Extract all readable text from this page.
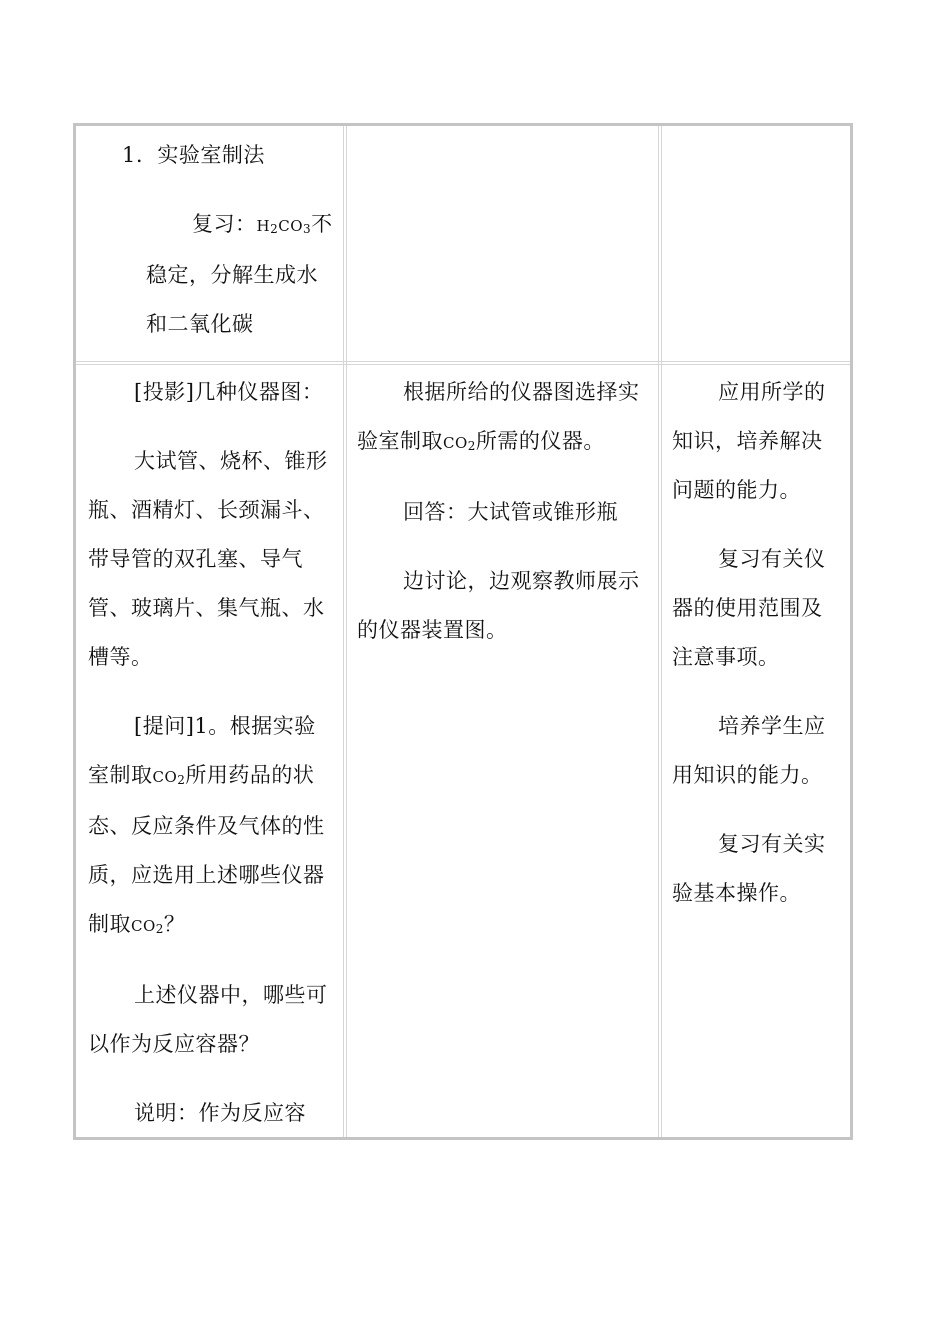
1. 实验室制法

复习：$H_2CO_3$不
稳定，分解生成水
和二氧化碳

[投影]几种仪器图：

大试管、烧杯、锥形瓶、酒精灯、长颈漏斗、带导管的双孔塞、导气管、玻璃片、集气瓶、水槽等。

[提问]1。根据实验室制取$CO_2$所用药品的状态、反应条件及气体的性质，应选用上述哪些仪器制取$CO_2$？

上述仪器中，哪些可以作为反应容器？

说明：作为反应容

根据所给的仪器图选择实验室制取$CO_2$所需的仪器。

回答：大试管或锥形瓶

边讨论，边观察教师展示的仪器装置图。

应用所学的知识，培养解决问题的能力。

复习有关仪器的使用范围及注意事项。

培养学生应用知识的能力。

复习有关实验基本操作。
